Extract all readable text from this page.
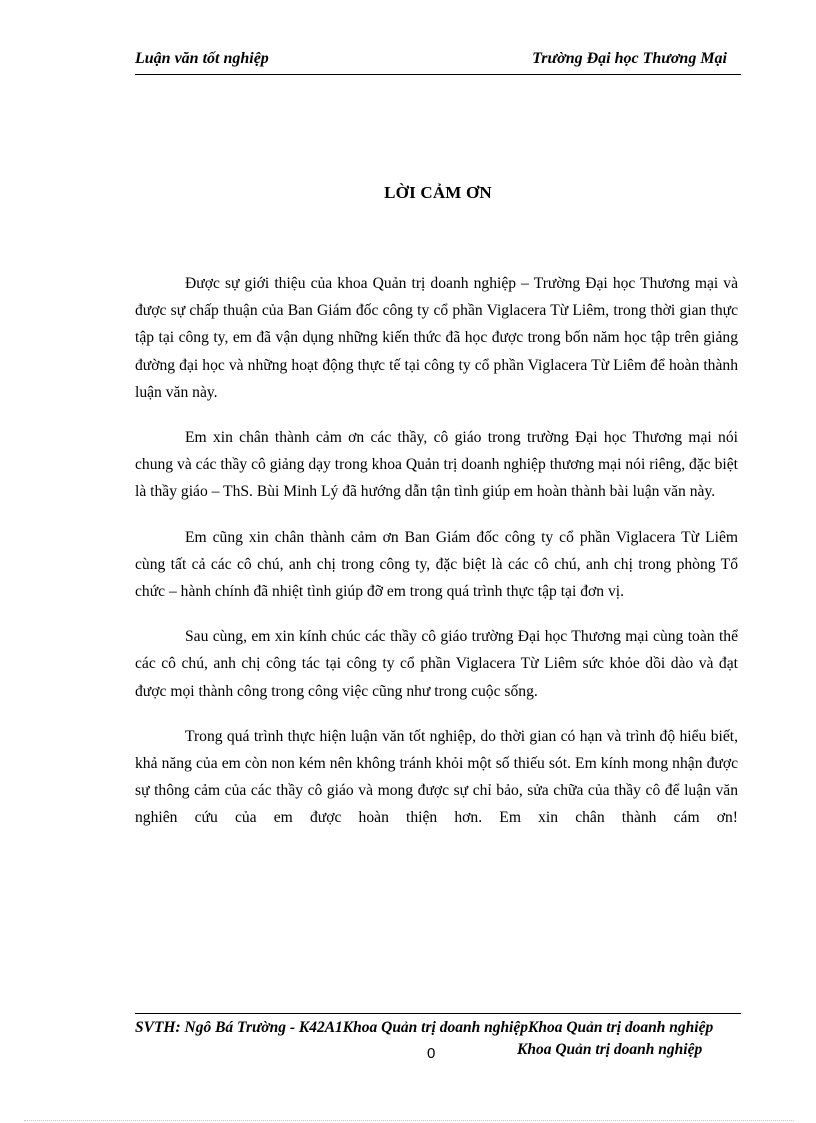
Luận văn tốt nghiệp	Trường Đại học Thương Mại
LỜI CẢM ƠN

Được sự giới thiệu của khoa Quản trị doanh nghiệp – Trường Đại học Thương mại và được sự chấp thuận của Ban Giám đốc công ty cổ phần Viglacera Từ Liêm, trong thời gian thực tập tại công ty, em đã vận dụng những kiến thức đã học được trong bốn năm học tập trên giảng đường đại học và những hoạt động thực tế tại công ty cổ phần Viglacera Từ Liêm để hoàn thành luận văn này.

Em xin chân thành cảm ơn các thầy, cô giáo trong trường Đại học Thương mại nói chung và các thầy cô giảng dạy trong khoa Quản trị doanh nghiệp thương mại nói riêng, đặc biệt là thầy giáo – ThS. Bùi Minh Lý đã hướng dẫn tận tình giúp em hoàn thành bài luận văn này.

Em cũng xin chân thành cảm ơn Ban Giám đốc công ty cổ phần Viglacera Từ Liêm cùng tất cả các cô chú, anh chị trong công ty, đặc biệt là các cô chú, anh chị trong phòng Tổ chức – hành chính đã nhiệt tình giúp đỡ em trong quá trình thực tập tại đơn vị.

Sau cùng, em xin kính chúc các thầy cô giáo trường Đại học Thương mại cùng toàn thể các cô chú, anh chị công tác tại công ty cổ phần Viglacera Từ Liêm sức khỏe dồi dào và đạt được mọi thành công trong công việc cũng như trong cuộc sống.

Trong quá trình thực hiện luận văn tốt nghiệp, do thời gian có hạn và trình độ hiểu biết, khả năng của em còn non kém nên không tránh khỏi một số thiếu sót. Em kính mong nhận được sự thông cảm của các thầy cô giáo và mong được sự chỉ bảo, sửa chữa của thầy cô để luận văn nghiên cứu của em được hoàn thiện hơn. Em xin chân thành cám ơn!

SVTH: Ngô Bá Trường - K42A1Khoa Quản trị doanh nghiệpKhoa Quản trị doanh nghiệp
Khoa Quản trị doanh nghiệp
0
